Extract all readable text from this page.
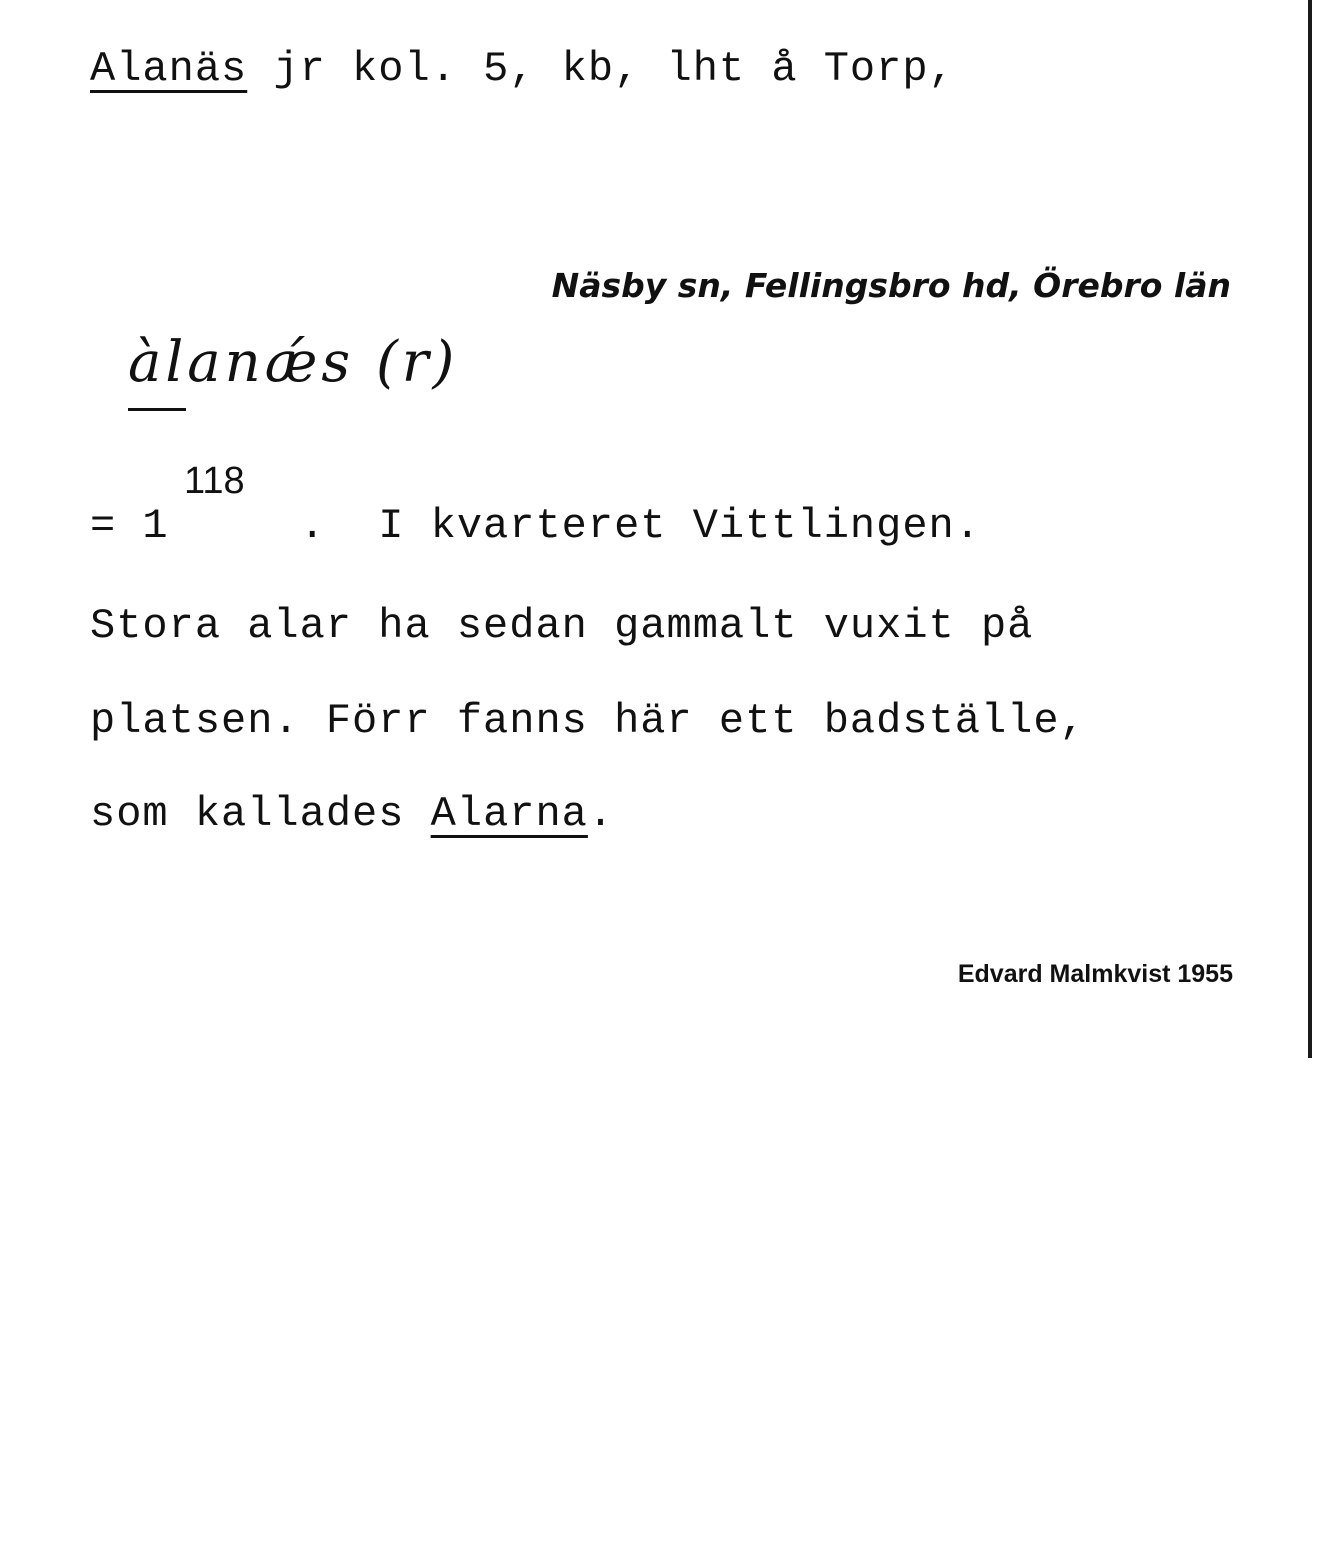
Alanäs jr kol. 5, kb, lht å Torp,
Näsby sn, Fellingsbro hd, Örebro län
àlanǽs (r)
118
= 1     .  I kvarteret Vittlingen.
Stora alar ha sedan gammalt vuxit på
platsen. Förr fanns här ett badställe,
som kallades Alarna.
Edvard Malmkvist 1955
